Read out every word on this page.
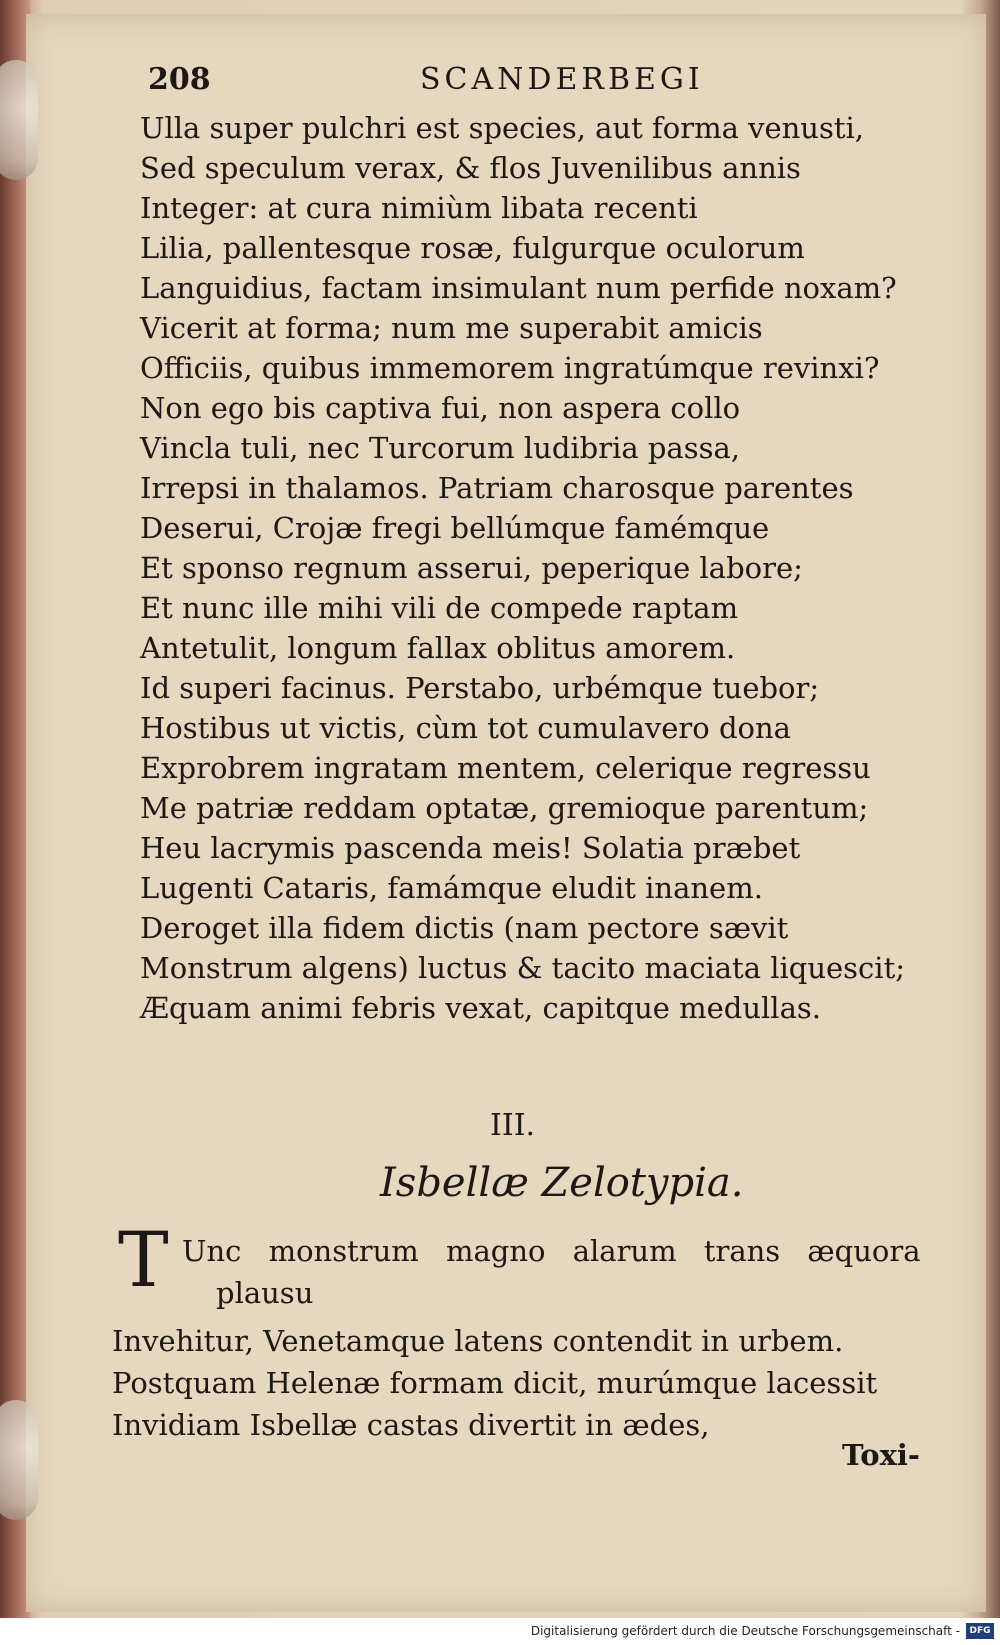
208	SCANDERBEGI
Ulla super pulchri est species, aut forma venusti,
Sed speculum verax, & flos Juvenilibus annis
Integer: at cura nimiùm libata recenti
Lilia, pallentesque rosæ, fulgurque oculorum
Languidius, factam insimulant num perfide noxam?
Vicerit at forma; num me superabit amicis
Officiis, quibus immemorem ingratúmque revinxi?
Non ego bis captiva fui, non aspera collo
Vincla tuli, nec Turcorum ludibria passa,
Irrepsi in thalamos. Patriam charosque parentes
Deserui, Crojæ fregi bellúmque famémque
Et sponso regnum asserui, peperique labore;
Et nunc ille mihi vili de compede raptam
Antetulit, longum fallax oblitus amorem.
Id superi facinus. Perstabo, urbémque tuebor;
Hostibus ut victis, cùm tot cumulavero dona
Exprobrem ingratam mentem, celerique regressu
Me patriæ reddam optatæ, gremioque parentum;
Heu lacrymis pascenda meis! Solatia præbet
Lugenti Cataris, famámque eludit inanem.
Deroget illa fidem dictis (nam pectore sævit
Monstrum algens) luctus & tacito maciata liquescit;
Æquam animi febris vexat, capitque medullas.
III.
Isbellæ Zelotypia.
T Unc monstrum magno alarum trans æquora
plausu
Invehitur, Venetamque latens contendit in urbem.
Postquam Helenæ formam dicit, murúmque lacessit
Invidiam Isbellæ castas divertit in ædes,
Toxi-
Digitalisierung gefördert durch die Deutsche Forschungsgemeinschaft -	DFG
